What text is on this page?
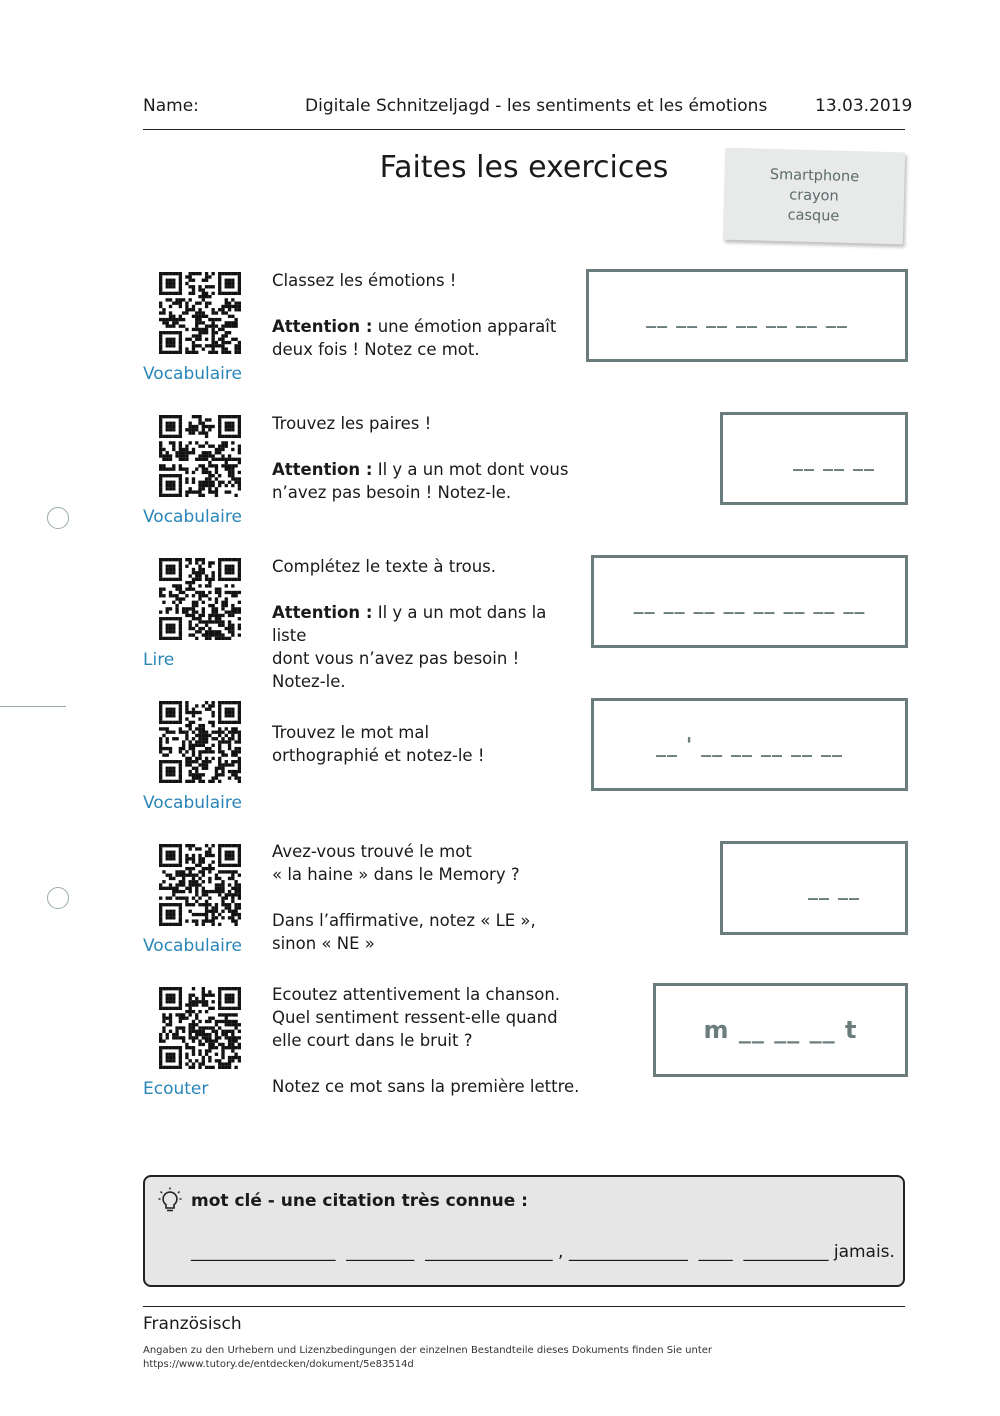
Name:	Digitale Schnitzeljagd - les sentiments et les émotions	13.03.2019
Faites les exercices	Smartphone
crayon
casque
Vocabulaire
Classez les émotions !
Attention : une émotion apparaît
deux fois ! Notez ce mot.
__ __ __ __ __ __ __
Vocabulaire
Trouvez les paires !
Attention : Il y a un mot dont vous
n’avez pas besoin ! Notez-le.
__ __ __
Lire
Complétez le texte à trous.
Attention : Il y a un mot dans la liste
dont vous n’avez pas besoin !
Notez-le.
__ __ __ __ __ __ __ __
Vocabulaire
Trouvez le mot mal
orthographié et notez-le !	__ ' __ __ __ __ __
Vocabulaire
Avez-vous trouvé le mot
« la haine » dans le Memory ?
Dans l’affirmative, notez « LE »,
sinon « NE »
__ __
Ecouter
Ecoutez attentivement la chanson.
Quel sentiment ressent-elle quand
elle court dans le bruit ?
Notez ce mot sans la première lettre.
m __ __ __ t
mot clé - une citation très connue :
_________________  ________  _______________ , ______________  ____  __________ jamais.
Französisch
Angaben zu den Urhebern und Lizenzbedingungen der einzelnen Bestandteile dieses Dokuments finden Sie unter
https://www.tutory.de/entdecken/dokument/5e83514d
